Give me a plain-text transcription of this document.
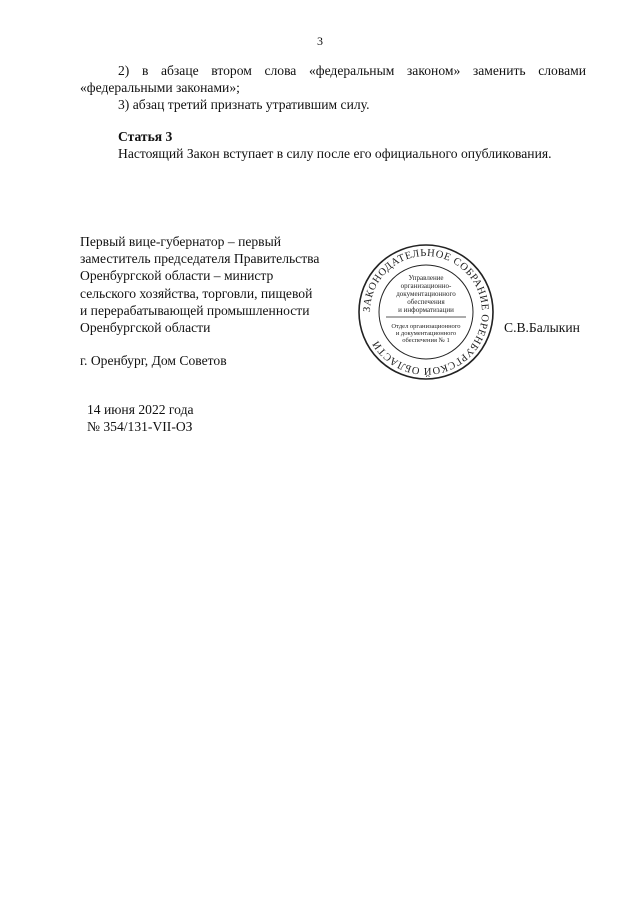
3
2) в абзаце втором слова «федеральным законом» заменить словами
«федеральными законами»;
3) абзац третий признать утратившим силу.
Статья 3
Настоящий Закон вступает в силу после его официального опубликования.
Первый вице-губернатор – первый
заместитель председателя Правительства
Оренбургской области – министр
сельского хозяйства, торговли, пищевой
и перерабатывающей промышленности
Оренбургской области	С.В.Балыкин
г. Оренбург, Дом Советов
ЗАКОНОДАТЕЛЬНОЕ СОБРАНИЕ ОРЕНБУРГСКОЙ ОБЛАСТИ
Управление
организационно-
документационного
обеспечения
и информатизации
Отдел организационного
и документационного
обеспечения № 1
14 июня 2022 года
№ 354/131-VII-ОЗ
